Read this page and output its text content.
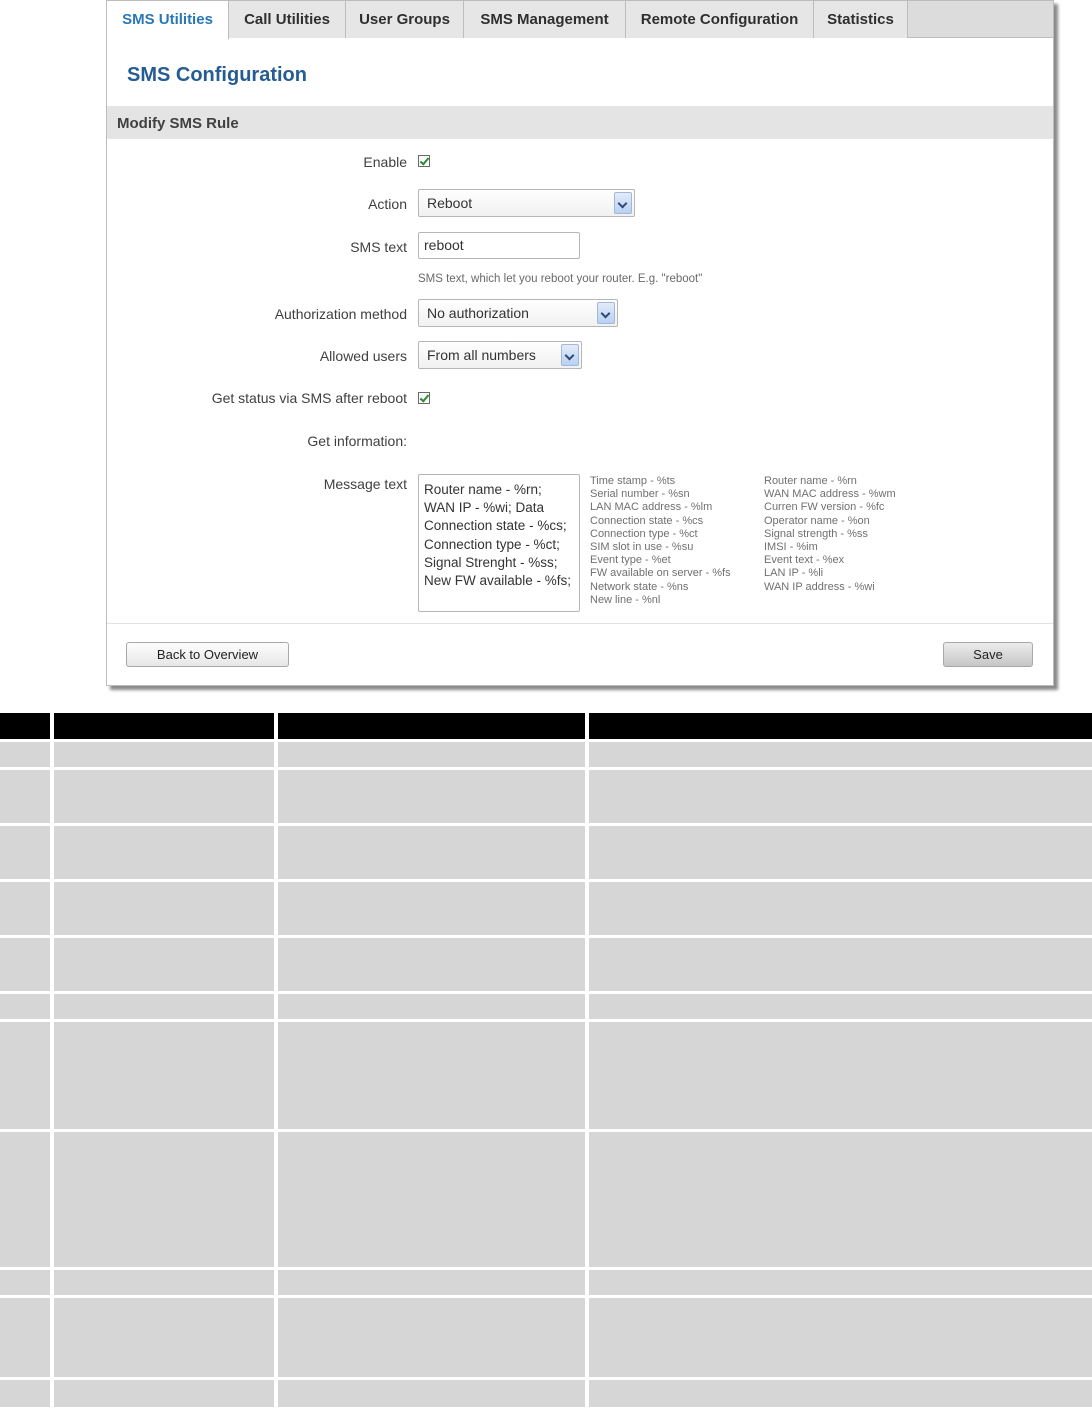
SMS Utilities	Call Utilities	User Groups	SMS Management	Remote Configuration	Statistics
SMS Configuration
Modify SMS Rule
Enable
Action	Reboot
SMS text	reboot
SMS text, which let you reboot your router. E.g. "reboot"
Authorization method	No authorization
Allowed users	From all numbers
Get status via SMS after reboot
Get information:
Message text Router name - %rn;
WAN IP - %wi; Data
Connection state - %cs;
Connection type - %ct;
Signal Strenght - %ss;
New FW available - %fs;
Time stamp - %ts
Serial number - %sn
LAN MAC address - %lm
Connection state - %cs
Connection type - %ct
SIM slot in use - %su
Event type - %et
FW available on server - %fs
Network state - %ns
New line - %nl
Router name - %rn
WAN MAC address - %wm
Curren FW version - %fc
Operator name - %on
Signal strength - %ss
IMSI - %im
Event text - %ex
LAN IP - %li
WAN IP address - %wi
Back to Overview	Save
